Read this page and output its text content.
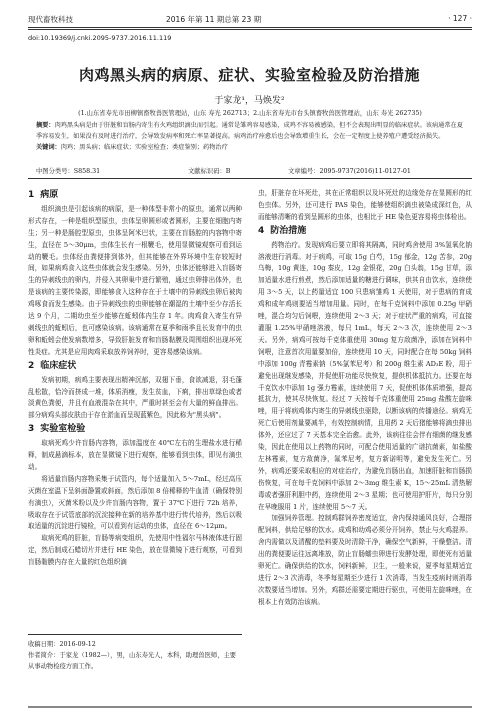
现代畜牧科技	2016 年第 11 期总第 23 期	· 127 ·
doi:10.19369/j.cnki.2095-9737.2016.11.119
肉鸡黑头病的病原、症状、实验室检验及防治措施
于家龙¹，马焕发²
(1.山东省寿光市田柳镇畜牧兽医管理站，山东 寿光 262713；2.山东省寿光市台头镇畜牧兽医管理站，山东 寿光 262735)

摘要：肉鸡黑头病是由于肝脏和盲肠内寄生有火鸡组织滴虫而引起。通常是雏鸡容易感染，成鸡不容易被感染，但不会表现出明显的临床症状。该病通常在夏季容易发生，如果没有及时进行治疗，会导致发病率和死亡率显著提高。病鸡治疗痊愈后也会导致增重生长，会在一定程度上使养殖户遭受经济损失。

关键词：肉鸡；黑头病；临床症状；实验室检查；类症鉴别；药物治疗

中图分类号：S858.31	文献标识码：B	文章编号：2095-9737(2016)11-0127-01
1 病原

组织滴虫是引起该病的病原，是一种体型非常小的原虫，通常以两种形式存在，一种是组织型原虫，虫体呈卵圆形或者圆形，主要在细胞内寄生；另一种是肠腔型原虫，虫体呈阿米巴状，主要在盲肠腔的内容物中寄生，直径在 5～30μm，虫体生长有一根鞭毛，使用显微镜观察可看到运动的鞭毛。虫体经由粪便排到体外，但其能够在外界环境中生存较短时间，如果病鸡食入这些虫体就会发生感染。另外，虫体还能够进入盲肠寄生的异刺线虫的卵内，并侵入其卵巢中进行繁殖，通过虫卵排出体外，也是该病的主要传染源，即能够食入这种存在于土壤中的异刺线虫卵后被肉鸡啄食而发生感染。由于异刺线虫的虫卵能够在潮湿的土壤中至少存活长达 9 个月，二期幼虫至少能够在蚯蚓体内生存 1 年。肉鸡食入寄生有异刺线虫的蚯蚓后，也可感染该病。该病通常在夏季和雨季且长发育中的虫卵和蚯蚓会使发病数增多，导致肝脏发育和盲肠黏膜及周围组织出现坏死性炎症。尤其是应用肉鸡采取放养饲养时，更容易感染该病。

2 临床症状

发病初期，病鸡主要表现出精神沉郁，双翅下垂，食欲减退，羽毛蓬乱松散，恰冷而挤成一堆，体质消瘦，发生贫血，下痢，排出草绿色或者淡黄色粪便，并且有血液混杂在其中，严重时甚至会有大量的鲜血排出。部分病鸡头部皮肤由于存在淤血而呈现蓝紫色，因此称为"黑头病"。

3 实验室检验

取病死鸡少许盲肠内容物，添加温度在 40℃左右的生理盐水进行稀释，制成悬滴标本，放在显微镜下进行观察，能够看到虫体，即见有滴虫动。

将适量盲肠内容物采集于试管内，每个适量加入 5～7mL，经过高压灭菌在室温下呈斜面静置或斜面，然后添加 8 倍稀释的牛血清（确保特别有滴虫），灭菌米粉以及少许盲肠内容物，置于 37℃下进行 72h 培养，吸取存在于试管底部的沉淀接种在新的培养基中进行传代培养，然后以吸取适量的沉淀进行镜检，可以看到有运动的虫体，直径在 6～12μm。

取病死鸡的肝脏，盲肠等病变组织，先使用中性福尔马林液体进行固定，然后制成石蜡切片并进行 HE 染色，放在显微镜下进行观察，可看到盲肠黏膜内存在大量的红色组织滴

收稿日期：2016-09-12

作者简介：于家龙（1982—），男，山东寿光人，本科，助理兽医师，主要从事动物检疫方面工作。

虫，肝脏存在坏死灶，其在正常组织以及坏死灶的边缘处存在显圆形的红色虫体。另外，还可进行 PAS 染色，能够使组织滴虫被染成深红色，从而能够清晰的看到呈圆形的虫体，也相比于 HE 染色更容易将虫体检出。

4 防治措施

药物治疗。发现病鸡后要立即将其隔离，同时鸡舍使用 3%氢氧化钠溶液进行消毒。对于病鸡，可取 15g 白芍，15g 郁金，12g 苦参，20g 乌梅，10g 黄连，10g 秦皮，12g 金银花，20g 白头翁，15g 甘草，添加适量水进行煎煮，然后添加适量的糖进行调味，供其自由饮水，连续使用 3～5 天，以上药量适宜 100 只患病雏鸡 1 天使用，对于患病的育成鸡和成年鸡则要适当增加用量。同时，在每千克饲料中添加 0.25g 甲硝唑，混合均匀后饲喂，连续使用 2～3 天；对于症状严重的病鸡，可直接灌服 1.25%甲硝唑溶液，每只 1mL，每天 2～3 次，连续使用 2～3 天。另外，病鸡可按每千克体重使用 30mg 复方敌菌净，添加在饲料中饲喂，注意首次用量要加倍，连续使用 10 天，同时配合在每 50kg 饲料中添加 100g 青霉素钠（5%氯苯尼考）和 200g 维生素 AD₃E 粉，用于避免出现继发感染，并促使肝功能尽快恢复，提供机体抵抗力。还要在每千克饮水中添加 1g 强力霉素，连续使用 7 天，促使机体体质增强，提高抵抗力，使其尽快恢复。经过 7 天按每千克体重使用 25mg 盐酸左旋咪唑，用于将病鸡体内寄生的异刺线虫驱除，以断该病的传播途径。病鸡无死亡后使用剂量要减半，有效控制病情，且用药 2 天后猪能够将滴虫排出体外，还应过了 7 天基本完全治愈。此外，该病往往会伴有细菌的继发感染，因此在使用以上药物的同时，可配合使用适量的广谱抗菌素，如盐酸左林霉素，复方敌菌净，氟苯尼考，复方新诺明等，避免发生死亡。另外，病鸡还要采取相应的对症治疗，为避免盲肠出血，加速肝脏和盲肠损伤恢复，可在每千克饲料中添加 2～3mg 维生素 K，15～25mL 清热解毒或者强肝利胆中药，连续使用 2～3 星期；也可使用护肝片，每只分别在早晚服用 1 片，连续使用 5～7 天。

加强饲养管理。控制鸡群饲养密度适宜，舍内保持通风良好，合理搭配饲料，供给足够的饮水。成鸡和幼鸡必须分开饲养，禁止与火鸡混养。舍内需做以及清醒的垫料要及时清除干净，确保空气新鲜，干燥整洁。清出的粪便要运往远离堆放，防止盲肠蠕虫卵进行发酵处理，即使死有适量卵死亡。确保供给的饮水，饲料新鲜，卫生，一般来说，夏季每星期适宜进行 2～3 次消毒，冬季每星期至少进行 1 次消毒，当发生疫病时则消毒次数要适当增加。另外，鸡群还需要定期进行驱虫，可使用左旋咪唑，在根本上有效防治该病。
